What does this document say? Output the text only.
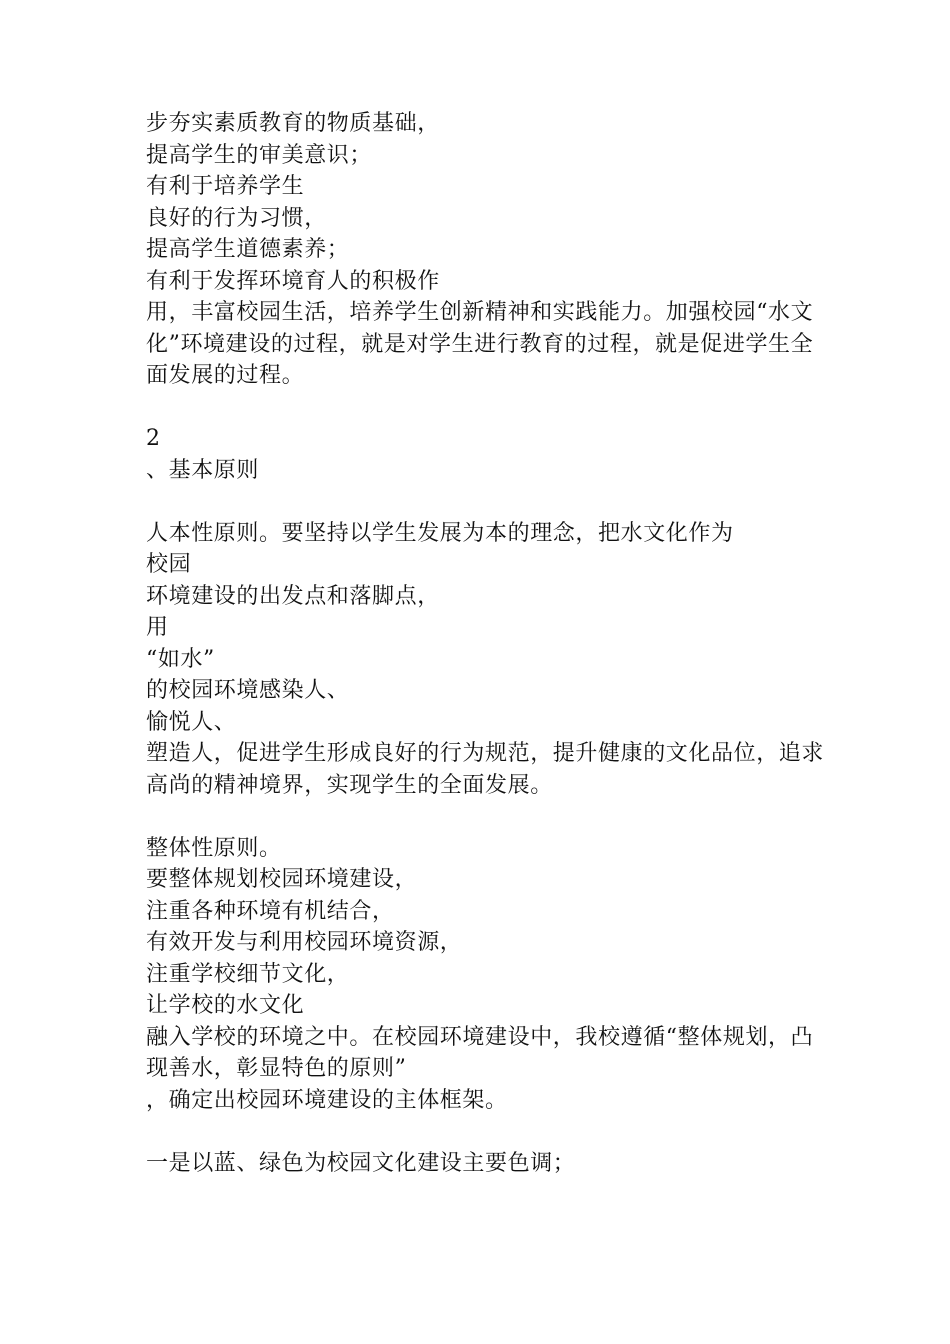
步夯实素质教育的物质基础，
提高学生的审美意识；
有利于培养学生
良好的行为习惯，
提高学生道德素养；
有利于发挥环境育人的积极作
用，丰富校园生活，培养学生创新精神和实践能力。加强校园“水文
化”环境建设的过程，就是对学生进行教育的过程，就是促进学生全
面发展的过程。
2
、基本原则
人本性原则。要坚持以学生发展为本的理念，把水文化作为
校园
环境建设的出发点和落脚点，
用
“如水”
的校园环境感染人、
愉悦人、
塑造人，促进学生形成良好的行为规范，提升健康的文化品位，追求
高尚的精神境界，实现学生的全面发展。
整体性原则。
要整体规划校园环境建设，
注重各种环境有机结合，
有效开发与利用校园环境资源，
注重学校细节文化，
让学校的水文化
融入学校的环境之中。在校园环境建设中，我校遵循“整体规划，凸
现善水，彰显特色的原则”
，确定出校园环境建设的主体框架。
一是以蓝、绿色为校园文化建设主要色调；
